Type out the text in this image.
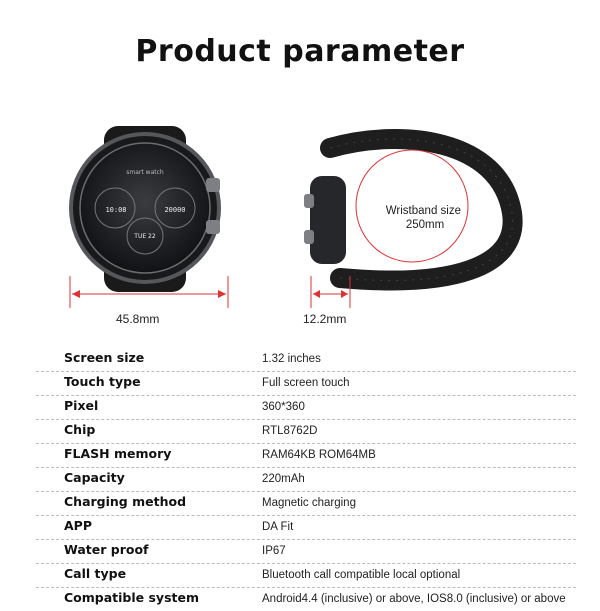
Product parameter
smart watch
10:08	20000
TUE 22
Wristband size 250mm
45.8mm	12.2mm
Screen size	1.32 inches
Touch type	Full screen touch
Pixel	360*360
Chip	RTL8762D
FLASH memory	RAM64KB ROM64MB
Capacity	220mAh
Charging method	Magnetic charging
APP	DA Fit
Water proof	IP67
Call type	Bluetooth call compatible local optional
Compatible system	Android4.4 (inclusive) or above, IOS8.0 (inclusive) or above
